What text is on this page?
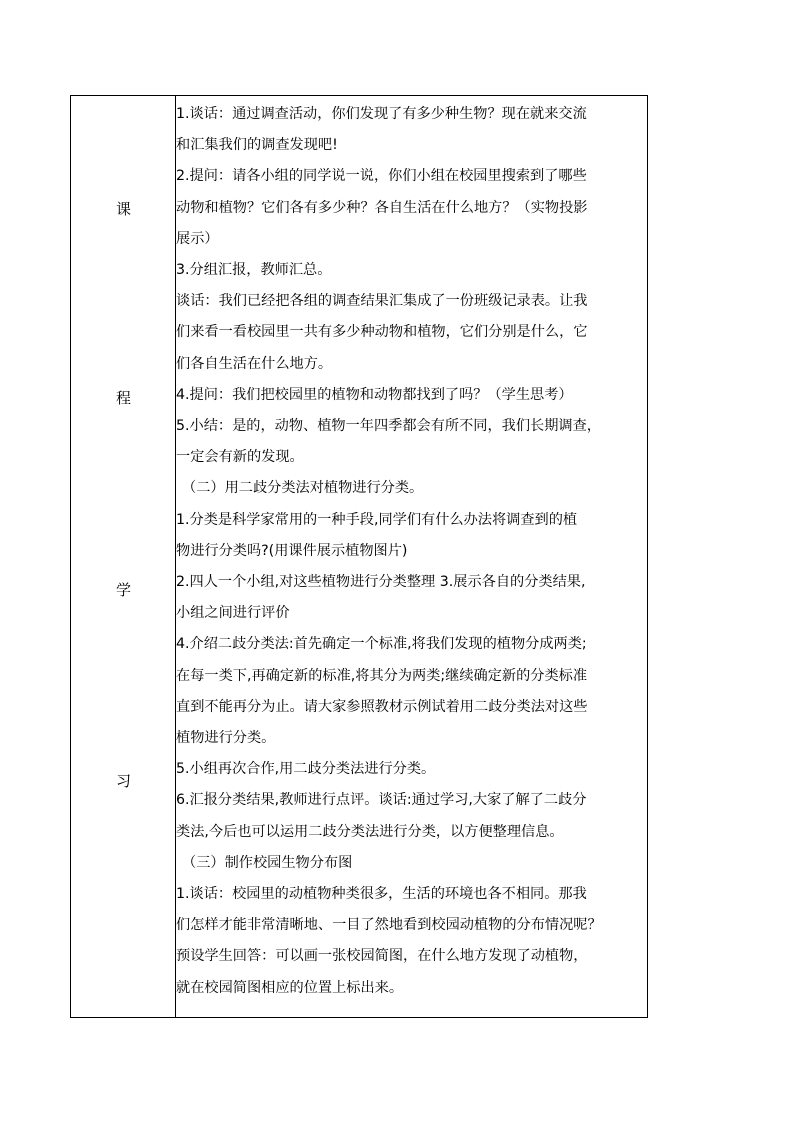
课
程
学
习

1.谈话：通过调查活动，你们发现了有多少种生物？现在就来交流

和汇集我们的调查发现吧!

2.提问：请各小组的同学说一说，你们小组在校园里搜索到了哪些

动物和植物？它们各有多少种？各自生活在什么地方？（实物投影

展示）

3.分组汇报，教师汇总。

谈话：我们已经把各组的调查结果汇集成了一份班级记录表。让我

们来看一看校园里一共有多少种动物和植物，它们分别是什么，它

们各自生活在什么地方。

4.提问：我们把校园里的植物和动物都找到了吗？（学生思考）

5.小结：是的，动物、植物一年四季都会有所不同，我们长期调查，

一定会有新的发现。

（二）用二歧分类法对植物进行分类。

1.分类是科学家常用的一种手段,同学们有什么办法将调查到的植

物进行分类吗?(用课件展示植物图片)

2.四人一个小组,对这些植物进行分类整理 3.展示各自的分类结果,

小组之间进行评价

4.介绍二歧分类法:首先确定一个标准,将我们发现的植物分成两类;

在每一类下,再确定新的标准,将其分为两类;继续确定新的分类标准

直到不能再分为止。请大家参照教材示例试着用二歧分类法对这些

植物进行分类。

5.小组再次合作,用二歧分类法进行分类。

6.汇报分类结果,教师进行点评。谈话:通过学习,大家了解了二歧分

类法,今后也可以运用二歧分类法进行分类，以方便整理信息。

（三）制作校园生物分布图

1.谈话：校园里的动植物种类很多，生活的环境也各不相同。那我

们怎样才能非常清晰地、一目了然地看到校园动植物的分布情况呢？

预设学生回答：可以画一张校园简图，在什么地方发现了动植物，

就在校园简图相应的位置上标出来。
